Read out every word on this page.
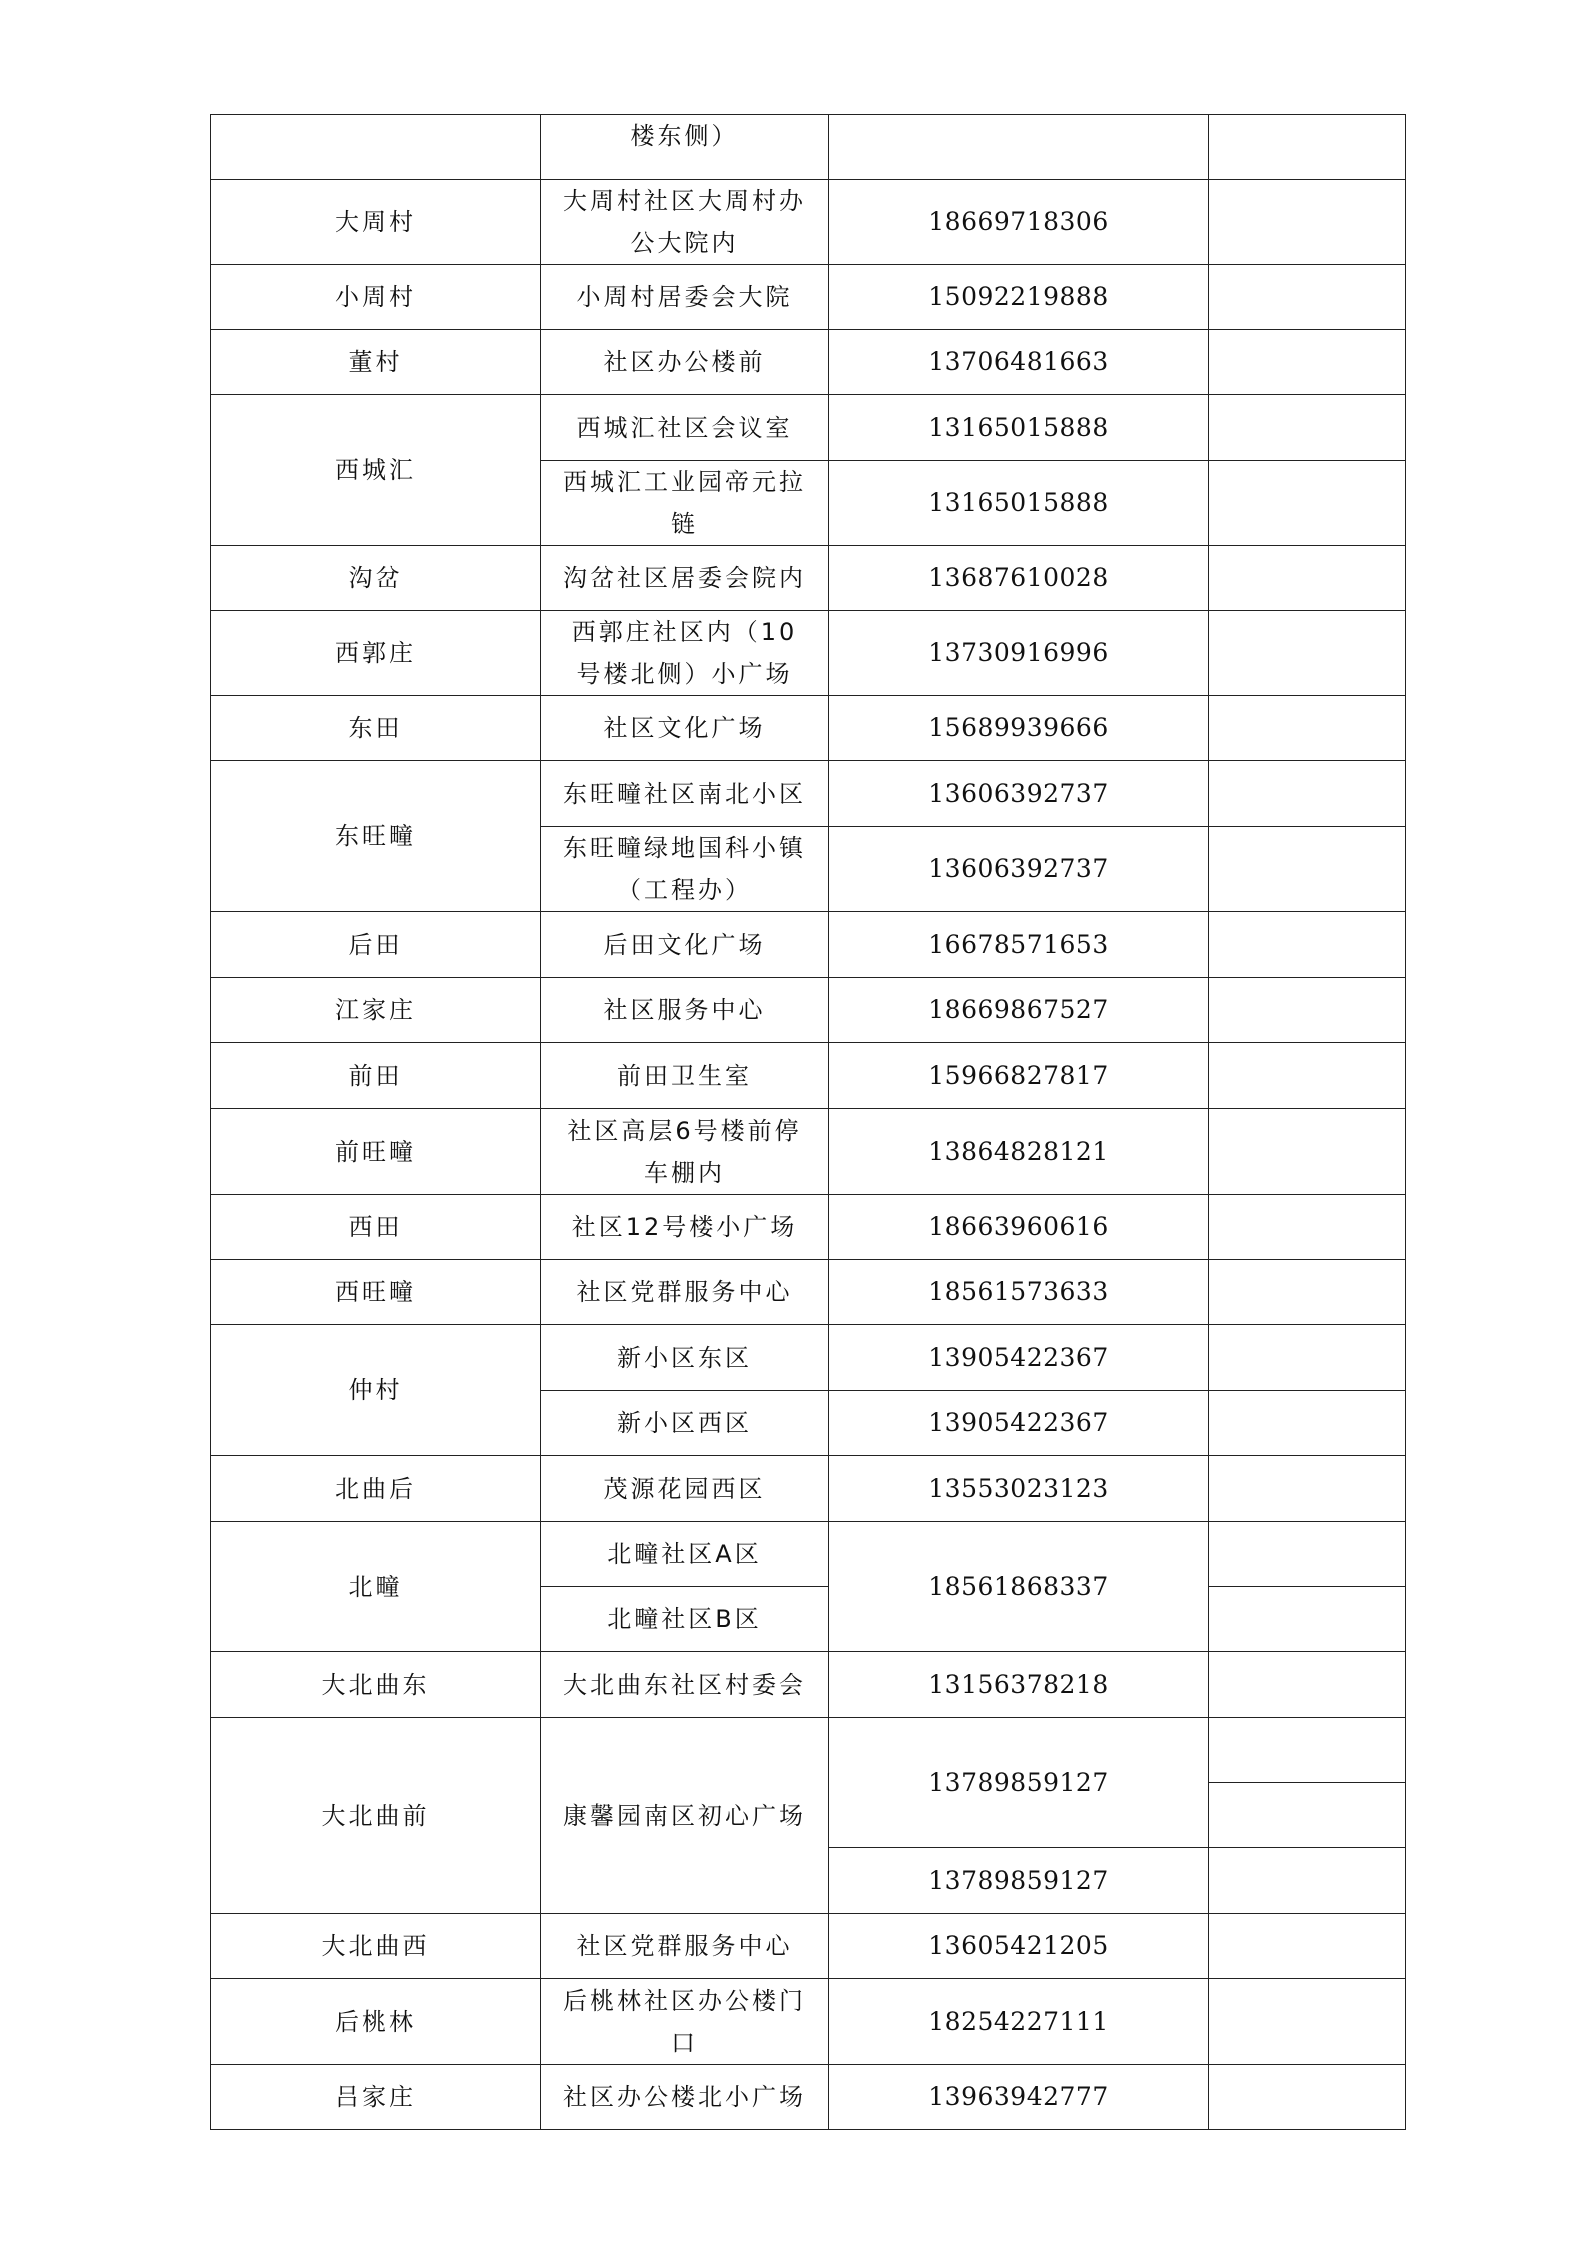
	楼东侧）		
大周村	大周村社区大周村办公大院内	18669718306	
小周村	小周村居委会大院	15092219888	
董村	社区办公楼前	13706481663	
西城汇	西城汇社区会议室	13165015888	
	西城汇工业园帝元拉链	13165015888	
沟岔	沟岔社区居委会院内	13687610028	
西郭庄	西郭庄社区内（10号楼北侧）小广场	13730916996	
东田	社区文化广场	15689939666	
东旺疃	东旺疃社区南北小区	13606392737	
	东旺疃绿地国科小镇（工程办）	13606392737	
后田	后田文化广场	16678571653	
江家庄	社区服务中心	18669867527	
前田	前田卫生室	15966827817	
前旺疃	社区高层6号楼前停车棚内	13864828121	
西田	社区12号楼小广场	18663960616	
西旺疃	社区党群服务中心	18561573633	
仲村	新小区东区	13905422367	
	新小区西区	13905422367	
北曲后	茂源花园西区	13553023123	
北疃	北疃社区A区	18561868337	
	北疃社区B区		
大北曲东	大北曲东社区村委会	13156378218	
大北曲前	康馨园南区初心广场	13789859127	

		13789859127	
大北曲西	社区党群服务中心	13605421205	
后桃林	后桃林社区办公楼门口	18254227111	
吕家庄	社区办公楼北小广场	13963942777	
